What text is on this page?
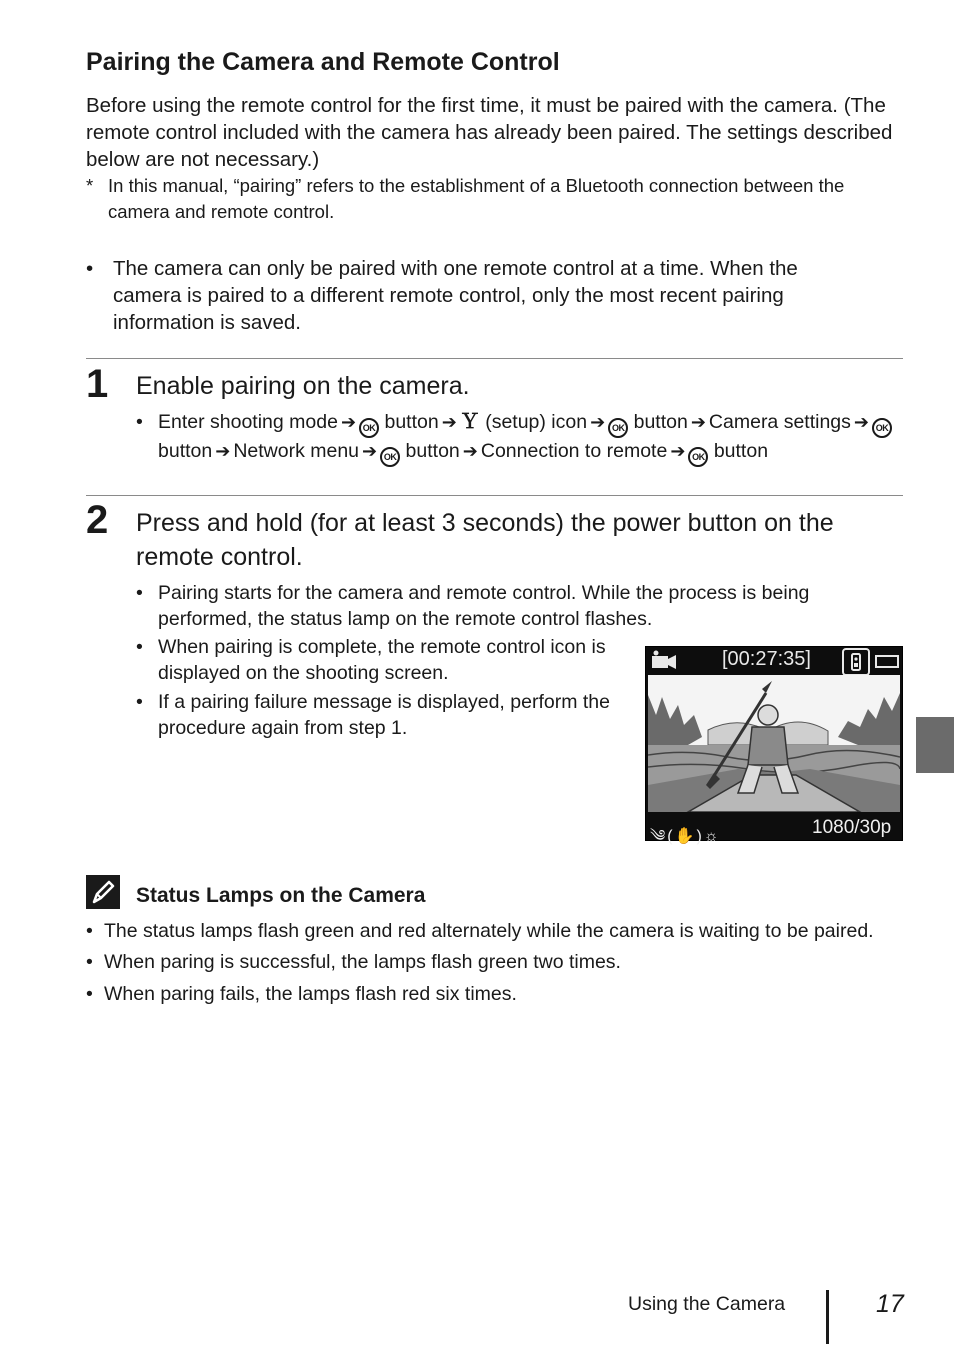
Pairing the Camera and Remote Control
Before using the remote control for the first time, it must be paired with the camera. (The remote control included with the camera has already been paired. The settings described below are not necessary.)
* In this manual, “pairing” refers to the establishment of a Bluetooth connection between the camera and remote control.
• The camera can only be paired with one remote control at a time. When the camera is paired to a different remote control, only the most recent pairing information is saved.
1 Enable pairing on the camera.
• Enter shooting mode ➔ OK button ➔ Ｙ (setup) icon ➔ OK button ➔ Camera settings ➔ OK button ➔ Network menu ➔ OK button ➔ Connection to remote ➔ OK button
2 Press and hold (for at least 3 seconds) the power button on the remote control.
• Pairing starts for the camera and remote control. While the process is being performed, the status lamp on the remote control flashes.
• When pairing is complete, the remote control icon is displayed on the shooting screen.
• If a pairing failure message is displayed, perform the procedure again from step 1.
[00:27:35]
༄(✋)☼	1080/30p
Status Lamps on the Camera
• The status lamps flash green and red alternately while the camera is waiting to be paired.
• When paring is successful, the lamps flash green two times.
• When paring fails, the lamps flash red six times.
Using the Camera	17
